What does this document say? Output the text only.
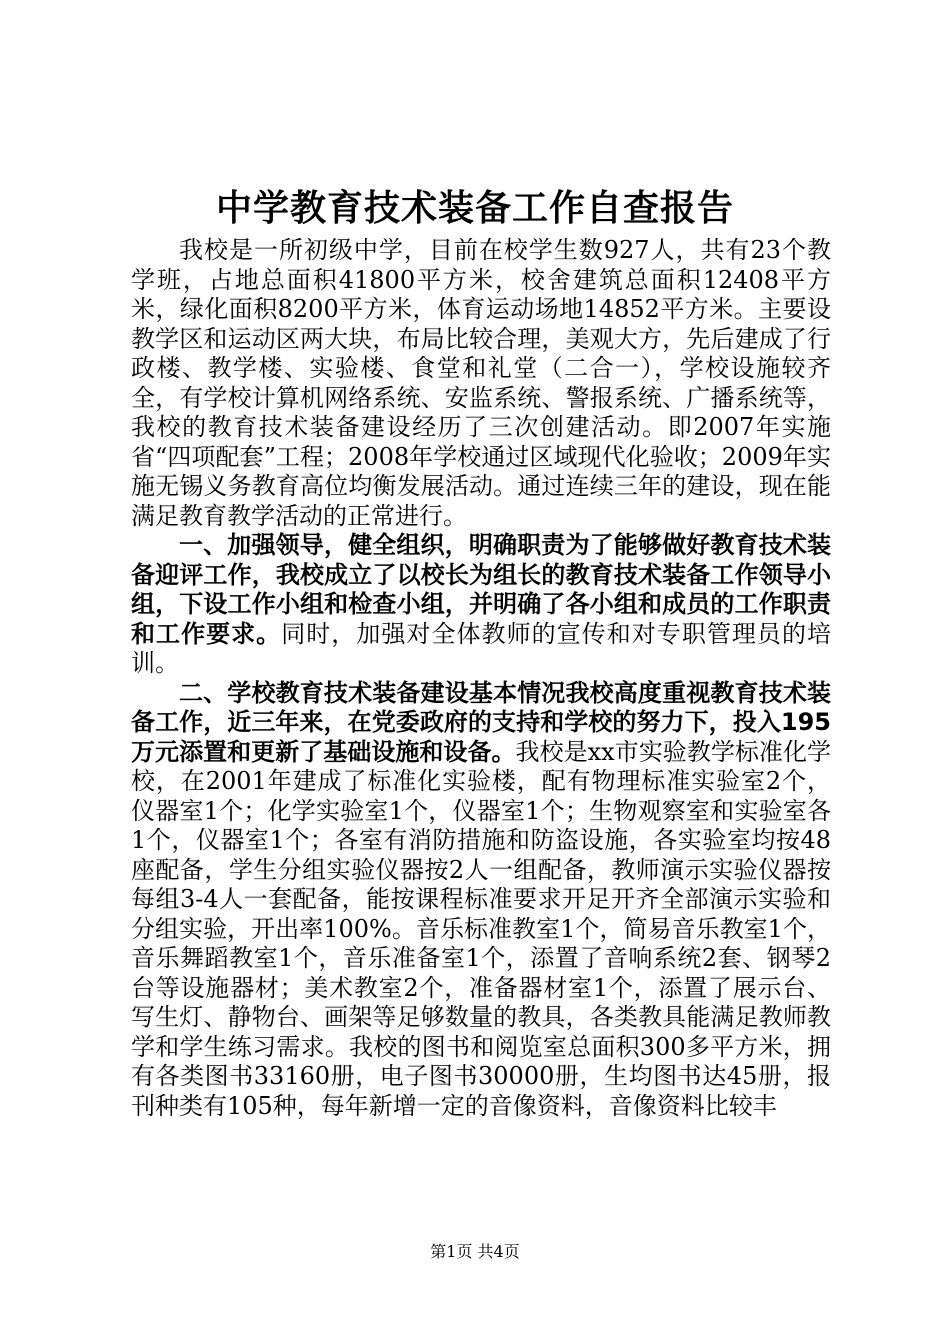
中学教育技术装备工作自查报告

我校是一所初级中学，目前在校学生数927人，共有23个教学班，占地总面积41800平方米，校舍建筑总面积12408平方米，绿化面积8200平方米，体育运动场地14852平方米。主要设教学区和运动区两大块，布局比较合理，美观大方，先后建成了行政楼、教学楼、实验楼、食堂和礼堂（二合一），学校设施较齐全，有学校计算机网络系统、安监系统、警报系统、广播系统等，我校的教育技术装备建设经历了三次创建活动。即2007年实施省“四项配套”工程；2008年学校通过区域现代化验收；2009年实施无锡义务教育高位均衡发展活动。通过连续三年的建设，现在能满足教育教学活动的正常进行。

一、加强领导，健全组织，明确职责为了能够做好教育技术装备迎评工作，我校成立了以校长为组长的教育技术装备工作领导小组，下设工作小组和检查小组，并明确了各小组和成员的工作职责和工作要求。同时，加强对全体教师的宣传和对专职管理员的培训。

二、学校教育技术装备建设基本情况我校高度重视教育技术装备工作，近三年来，在党委政府的支持和学校的努力下，投入195万元添置和更新了基础设施和设备。我校是xx市实验教学标准化学校，在2001年建成了标准化实验楼，配有物理标准实验室2个，仪器室1个；化学实验室1个，仪器室1个；生物观察室和实验室各1个，仪器室1个；各室有消防措施和防盗设施，各实验室均按48座配备，学生分组实验仪器按2人一组配备，教师演示实验仪器按每组3-4人一套配备，能按课程标准要求开足开齐全部演示实验和分组实验，开出率100%。音乐标准教室1个，简易音乐教室1个，音乐舞蹈教室1个，音乐准备室1个，添置了音响系统2套、钢琴2台等设施器材；美术教室2个，准备器材室1个，添置了展示台、写生灯、静物台、画架等足够数量的教具，各类教具能满足教师教学和学生练习需求。我校的图书和阅览室总面积300多平方米，拥有各类图书33160册，电子图书30000册，生均图书达45册，报刊种类有105种，每年新增一定的音像资料，音像资料比较丰

第1页 共4页
